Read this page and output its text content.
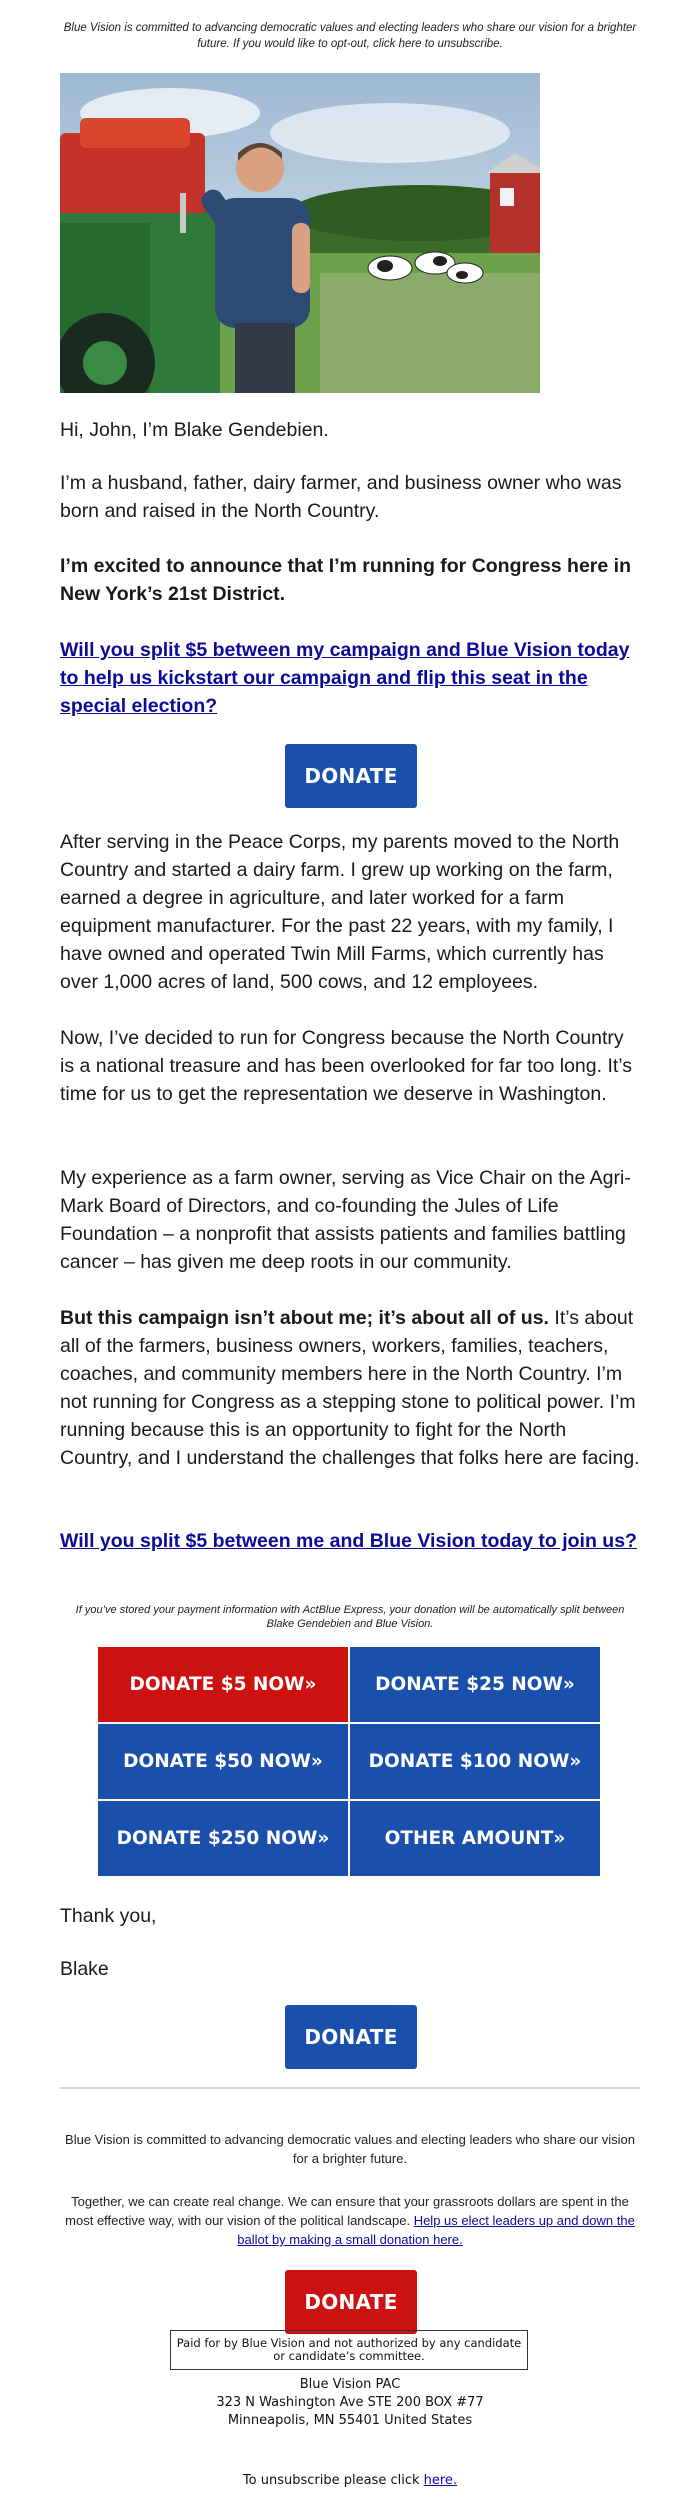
Blue Vision is committed to advancing democratic values and electing leaders who share our vision for a brighter future. If you would like to opt-out, click here to unsubscribe.
Hi, John, I’m Blake Gendebien.
I’m a husband, father, dairy farmer, and business owner who was born and raised in the North Country.
I’m excited to announce that I’m running for Congress here in New York’s 21st District.
Will you split $5 between my campaign and Blue Vision today to help us kickstart our campaign and flip this seat in the special election?
DONATE
After serving in the Peace Corps, my parents moved to the North Country and started a dairy farm. I grew up working on the farm, earned a degree in agriculture, and later worked for a farm equipment manufacturer. For the past 22 years, with my family, I have owned and operated Twin Mill Farms, which currently has over 1,000 acres of land, 500 cows, and 12 employees.
Now, I’ve decided to run for Congress because the North Country is a national treasure and has been overlooked for far too long. It’s time for us to get the representation we deserve in Washington.
My experience as a farm owner, serving as Vice Chair on the Agri-Mark Board of Directors, and co-founding the Jules of Life Foundation – a nonprofit that assists patients and families battling cancer – has given me deep roots in our community.
But this campaign isn’t about me; it’s about all of us. It’s about all of the farmers, business owners, workers, families, teachers, coaches, and community members here in the North Country. I’m not running for Congress as a stepping stone to political power. I’m running because this is an opportunity to fight for the North Country, and I understand the challenges that folks here are facing.
Will you split $5 between me and Blue Vision today to join us?
If you’ve stored your payment information with ActBlue Express, your donation will be automatically split between Blake Gendebien and Blue Vision.
DONATE $5 NOW»	DONATE $25 NOW»
DONATE $50 NOW»	DONATE $100 NOW»
DONATE $250 NOW»	OTHER AMOUNT»
Thank you,
Blake
DONATE
Blue Vision is committed to advancing democratic values and electing leaders who share our vision for a brighter future.
Together, we can create real change. We can ensure that your grassroots dollars are spent in the most effective way, with our vision of the political landscape. Help us elect leaders up and down the ballot by making a small donation here.
DONATE
Paid for by Blue Vision and not authorized by any candidate or candidate’s committee.
Blue Vision PAC
323 N Washington Ave STE 200 BOX #77
Minneapolis, MN 55401 United States
To unsubscribe please click here.
